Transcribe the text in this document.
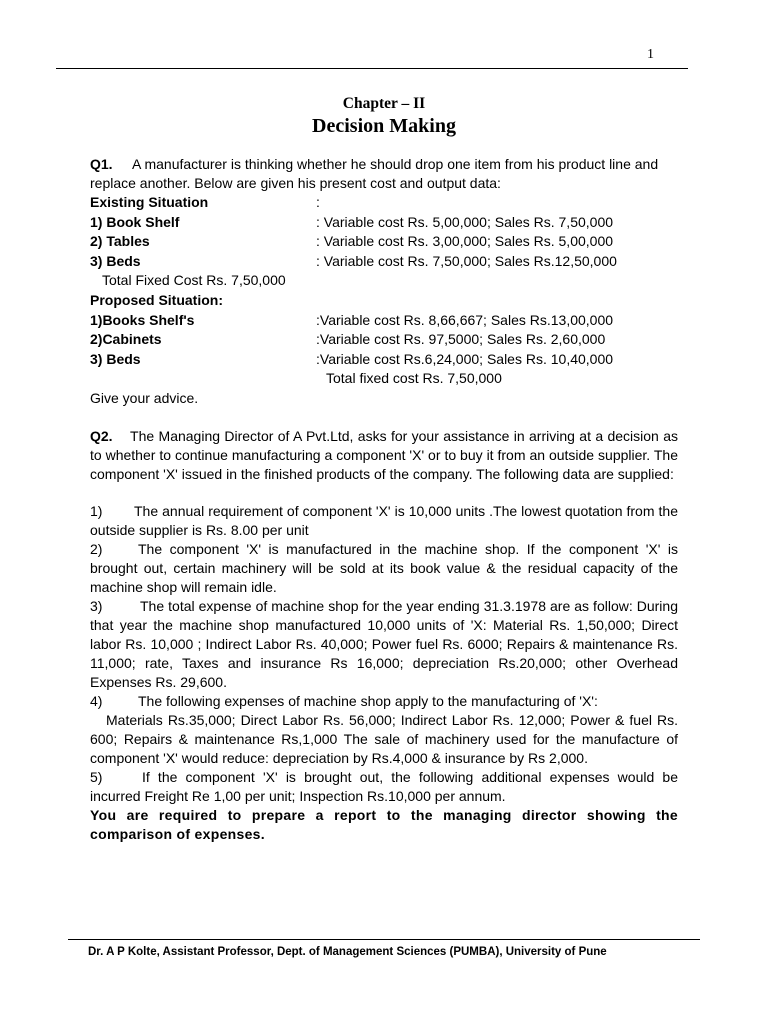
1
Chapter – II
Decision Making

Q1. A manufacturer is thinking whether he should drop one item from his product line and replace another. Below are given his present cost and output data:

Existing Situation	:
1) Book Shelf	: Variable cost Rs. 5,00,000; Sales Rs. 7,50,000
2) Tables	: Variable cost Rs. 3,00,000; Sales Rs. 5,00,000
3) Beds	: Variable cost Rs. 7,50,000; Sales Rs.12,50,000
Total Fixed Cost Rs. 7,50,000
Proposed Situation:
1)Books Shelf's	:Variable cost Rs. 8,66,667; Sales Rs.13,00,000
2)Cabinets	:Variable cost Rs. 97,5000; Sales Rs. 2,60,000
3) Beds	:Variable cost Rs.6,24,000; Sales Rs. 10,40,000
Total fixed cost Rs. 7,50,000
Give your advice.

Q2. The Managing Director of A Pvt.Ltd, asks for your assistance in arriving at a decision as to whether to continue manufacturing a component 'X' or to buy it from an outside supplier. The component 'X' issued in the finished products of the company. The following data are supplied:

1) The annual requirement of component 'X' is 10,000 units .The lowest quotation from the outside supplier is Rs. 8.00 per unit

2)	The component 'X' is manufactured in the machine shop. If the component 'X' is brought out, certain machinery will be sold at its book value & the residual capacity of the machine shop will remain idle.

3)	The total expense of machine shop for the year ending 31.3.1978 are as follow: During that year the machine shop manufactured 10,000 units of 'X: Material Rs. 1,50,000; Direct labor Rs. 10,000 ; Indirect Labor Rs. 40,000; Power fuel Rs. 6000; Repairs & maintenance Rs. 11,000; rate, Taxes and insurance Rs 16,000; depreciation Rs.20,000; other Overhead Expenses Rs. 29,600.

4)	The following expenses of machine shop apply to the manufacturing of 'X':

Materials Rs.35,000; Direct Labor Rs. 56,000; Indirect Labor Rs. 12,000; Power & fuel Rs. 600; Repairs & maintenance Rs,1,000 The sale of machinery used for the manufacture of component 'X' would reduce: depreciation by Rs.4,000 & insurance by Rs 2,000.

5)	If the component 'X' is brought out, the following additional expenses would be incurred Freight Re 1,00 per unit; Inspection Rs.10,000 per annum.

You are required to prepare a report to the managing director showing the comparison of expenses.

Dr. A P Kolte, Assistant Professor, Dept. of Management Sciences (PUMBA), University of Pune
